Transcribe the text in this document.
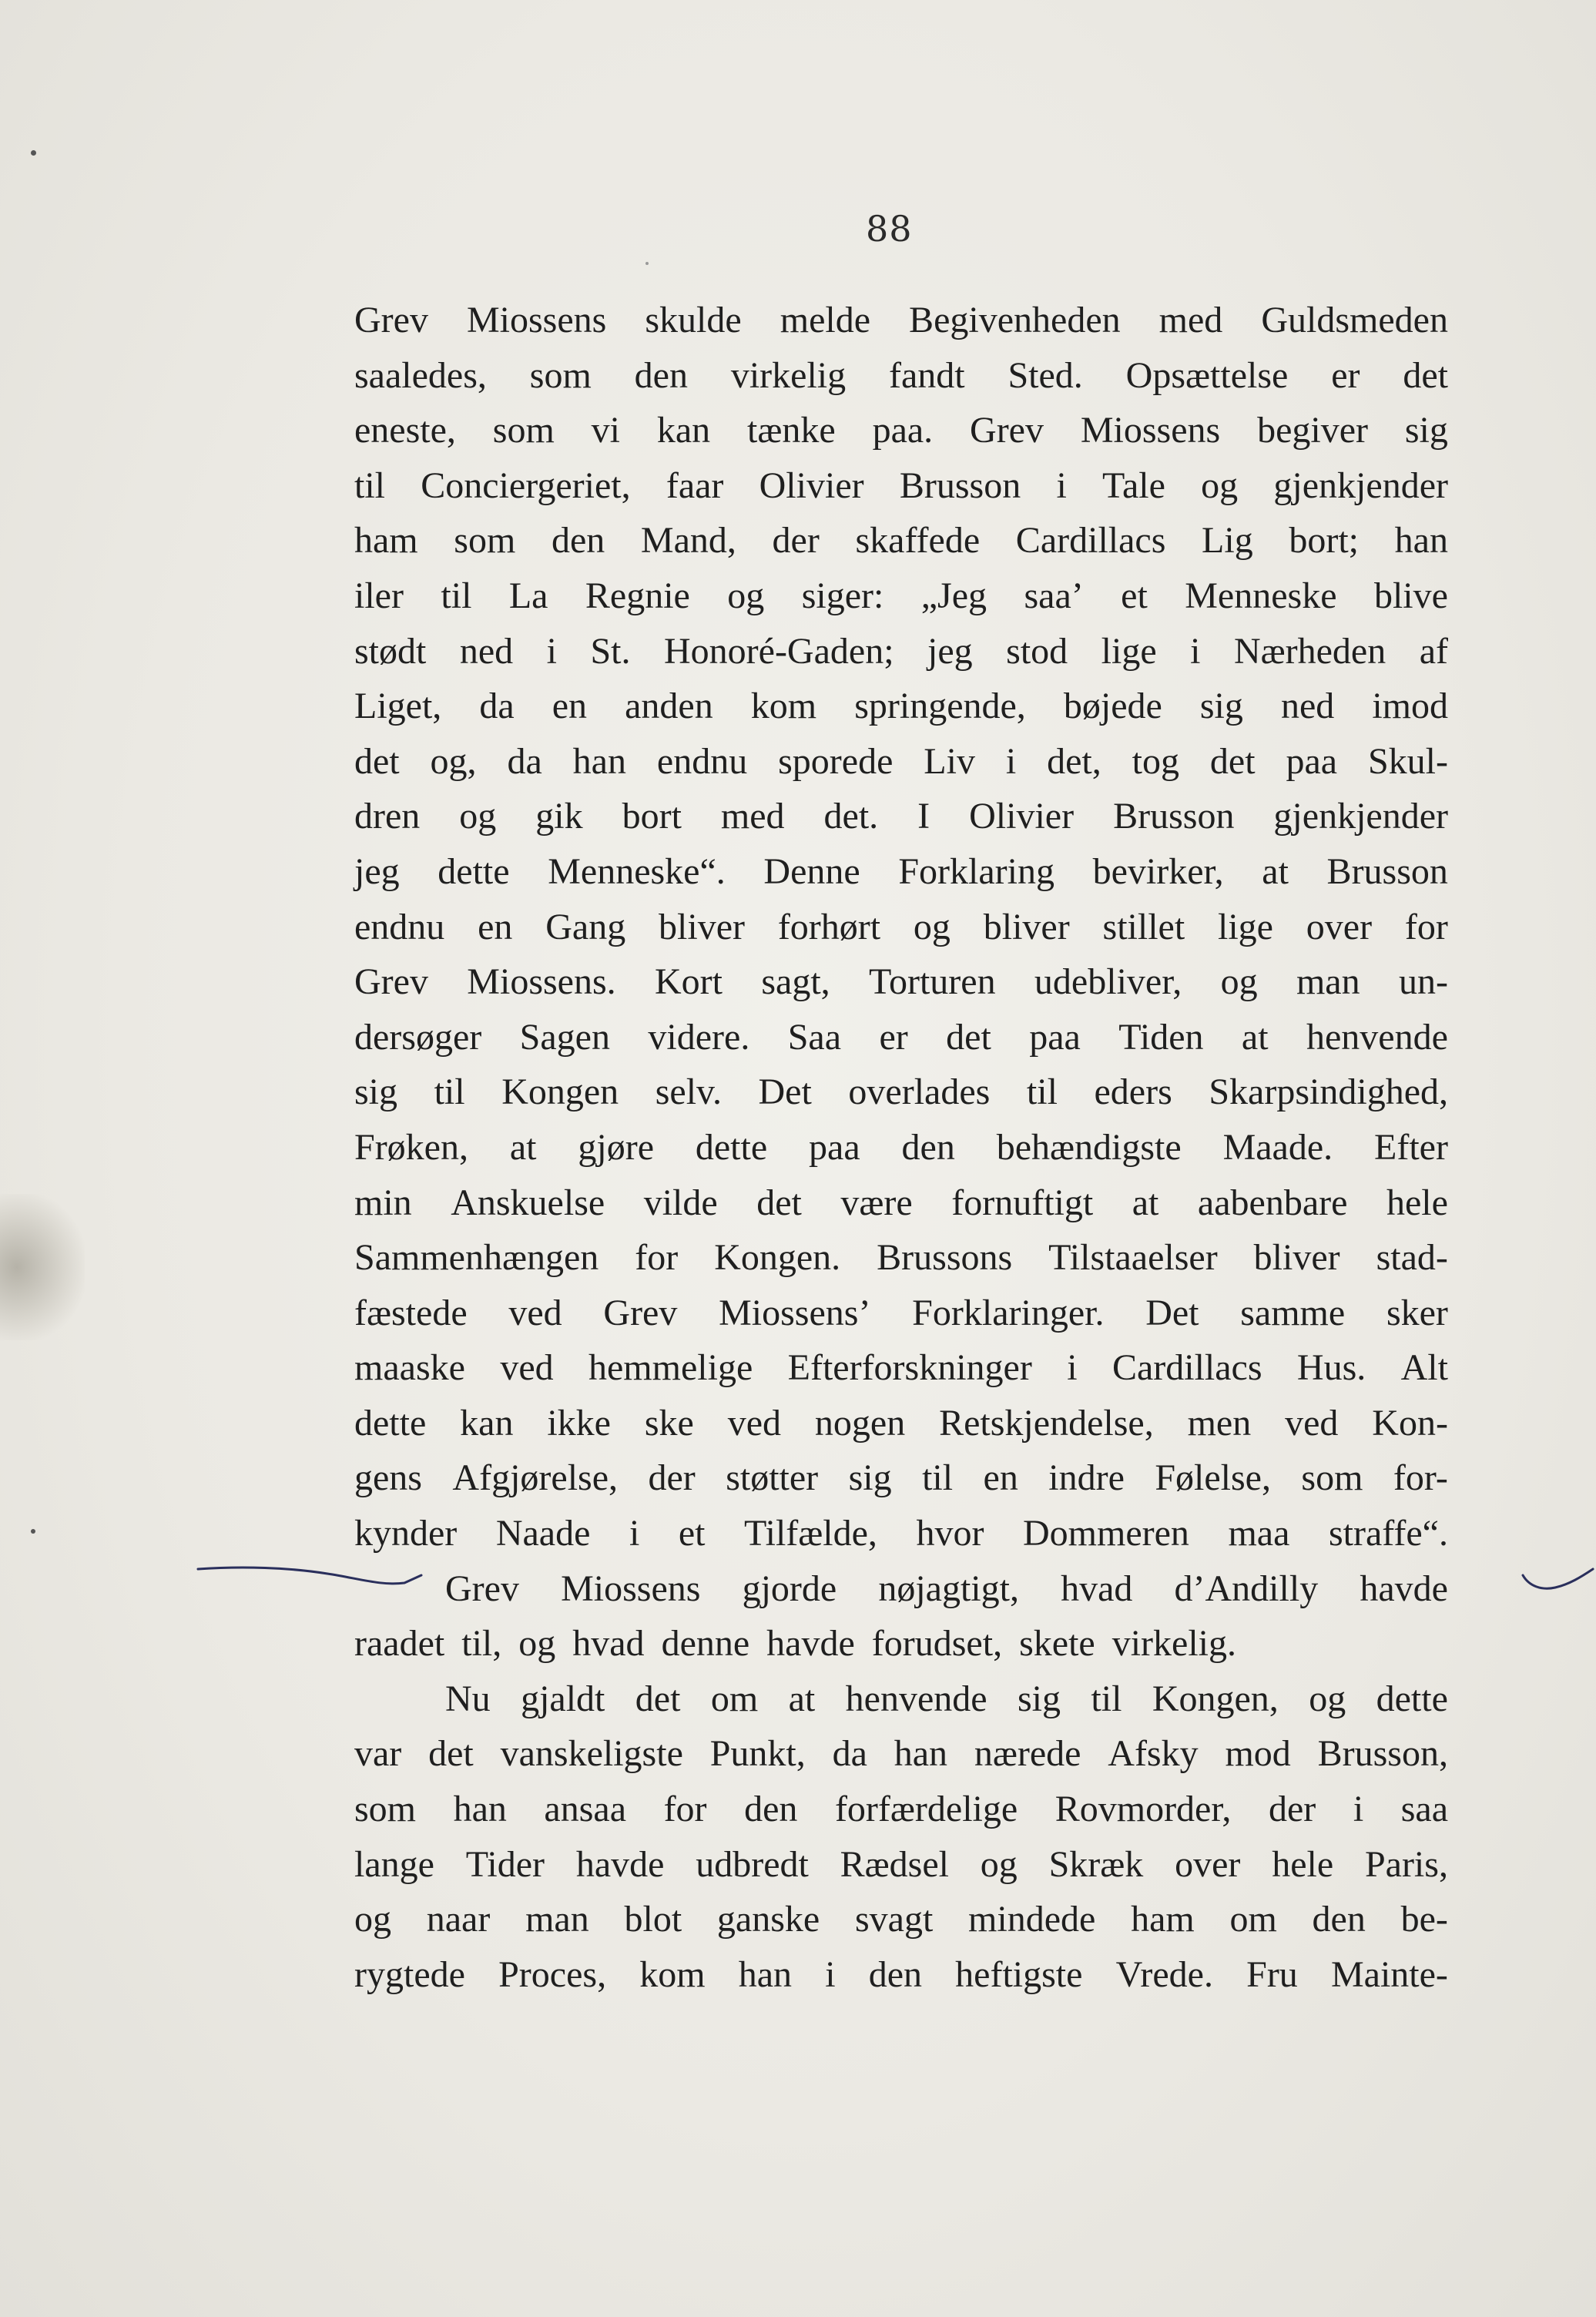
88
Grev Miossens skulde melde Begivenheden med Guldsmeden
saaledes, som den virkelig fandt Sted. Opsættelse er det
eneste, som vi kan tænke paa. Grev Miossens begiver sig
til Conciergeriet, faar Olivier Brusson i Tale og gjenkjender
ham som den Mand, der skaffede Cardillacs Lig bort; han
iler til La Regnie og siger: „Jeg saa’ et Menneske blive
stødt ned i St. Honoré-Gaden; jeg stod lige i Nærheden af
Liget, da en anden kom springende, bøjede sig ned imod
det og, da han endnu sporede Liv i det, tog det paa Skul-
dren og gik bort med det. I Olivier Brusson gjenkjender
jeg dette Menneske“. Denne Forklaring bevirker, at Brusson
endnu en Gang bliver forhørt og bliver stillet lige over for
Grev Miossens. Kort sagt, Torturen udebliver, og man un-
dersøger Sagen videre. Saa er det paa Tiden at henvende
sig til Kongen selv. Det overlades til eders Skarpsindighed,
Frøken, at gjøre dette paa den behændigste Maade. Efter
min Anskuelse vilde det være fornuftigt at aabenbare hele
Sammenhængen for Kongen. Brussons Tilstaaelser bliver stad-
fæstede ved Grev Miossens’ Forklaringer. Det samme sker
maaske ved hemmelige Efterforskninger i Cardillacs Hus. Alt
dette kan ikke ske ved nogen Retskjendelse, men ved Kon-
gens Afgjørelse, der støtter sig til en indre Følelse, som for-
kynder Naade i et Tilfælde, hvor Dommeren maa straffe“.
Grev Miossens gjorde nøjagtigt, hvad d’Andilly havde
raadet til, og hvad denne havde forudset, skete virkelig.
Nu gjaldt det om at henvende sig til Kongen, og dette
var det vanskeligste Punkt, da han nærede Afsky mod Brusson,
som han ansaa for den forfærdelige Rovmorder, der i saa
lange Tider havde udbredt Rædsel og Skræk over hele Paris,
og naar man blot ganske svagt mindede ham om den be-
rygtede Proces, kom han i den heftigste Vrede. Fru Mainte-
